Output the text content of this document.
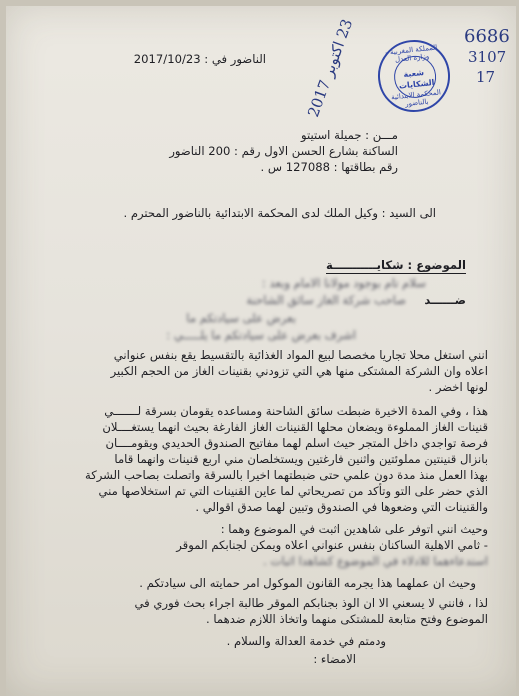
الناضور في : 2017/10/23
23 اكتوبر 2017
المملكة المغربية - وزارة العدل
شعبة
الشكايات
المحكمة الابتدائية بالناضور
6686
3107
17
مـــن : جميلة استيتو
الساكنة بشارع الحسن الاول رقم : 200 الناضور
رقم بطاقتها : 127088 س .
الى السيد : وكيل الملك لدى المحكمة الابتدائية بالناضور المحترم .
الموضوع : شكايـــــــــــة
سلام تام بوجود مولانا الامام وبعد :
ضــــــد
صاحب شركة الغاز سائق الشاحنة
بعرض على سيادتكم ما
اشرف بعرض على سيادتكم ما يلـــــي :
انني استغل محلا تجاريا مخصصا لبيع المواد الغذائية بالتقسيط يقع بنفس عنواني
اعلاه وان الشركة المشتكى منها هي التي تزودني بقنينات الغاز من الحجم الكبير
لونها اخضر .
هذا ، وفي المدة الاخيرة ضبطت سائق الشاحنة ومساعده يقومان بسرقة لـــــــي
قنينات الغاز المملوءة ويضعان محلها القنينات الغاز الفارغة بحيث انهما يستغــــلان
فرصة تواجدي داخل المتجر حيث اسلم لهما مفاتيح الصندوق الحديدي ويقومــــان
بانزال قنينتين مملوئتين واثنين فارغتين ويستخلصان مني اربع قنينات وانهما قاما
بهذا العمل منذ مدة دون علمي حتى ضبطتهما اخيرا بالسرقة واتصلت بصاحب الشركة
الذي حضر على التو وتأكد من تصريحاتي لما عاين القنينات التي تم استخلاصها مني
والقنينات التي وضعوها في الصندوق وتبين لهما صدق اقوالي .
وحيث انني اتوفر على شاهدين اثبت في الموضوع وهما :
- ثامي الاهلية الساكنان بنفس عنواني اعلاه ويمكن لجنابكم الموقر
استدعاءهما للادلاء في الموضوع كشاهدا اثبات .
وحيث ان عملهما هذا يجرمه القانون الموكول امر حمايته الى سيادتكم .
لذا ، فانني لا يسعني الا ان الوذ بجنابكم الموقر طالبة اجراء بحث فوري في
الموضوع وفتح متابعة للمشتكى منهما واتخاذ اللازم ضدهما .
ودمتم في خدمة العدالة والسلام .
الامضاء :
